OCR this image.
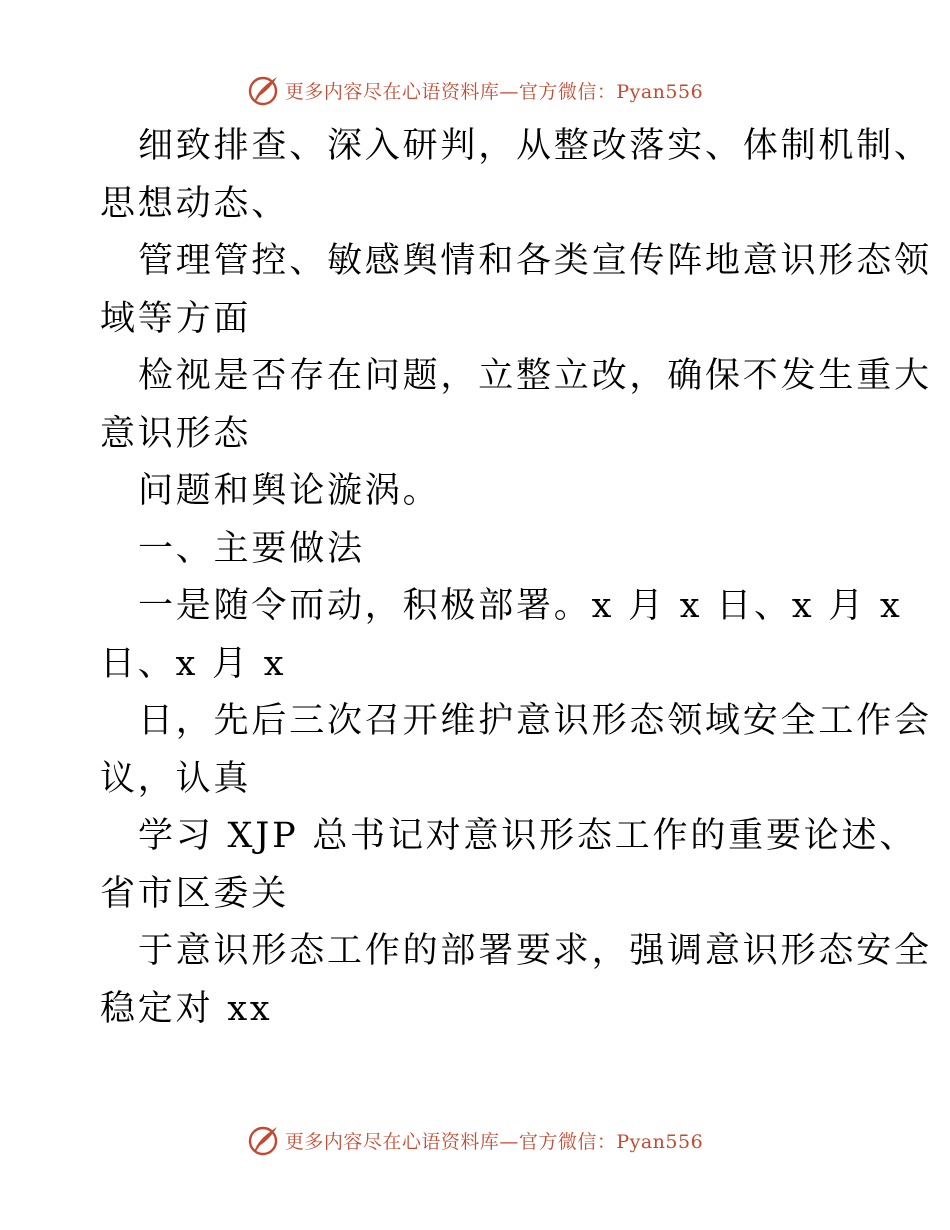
更多内容尽在心语资料库—官方微信：Pyan556
细致排查、深入研判，从整改落实、体制机制、
思想动态、
管理管控、敏感舆情和各类宣传阵地意识形态领
域等方面
检视是否存在问题，立整立改，确保不发生重大
意识形态
问题和舆论漩涡。
一、主要做法
一是随令而动，积极部署。x 月 x 日、x 月 x
日、x 月 x
日，先后三次召开维护意识形态领域安全工作会
议，认真
学习 XJP 总书记对意识形态工作的重要论述、
省市区委关
于意识形态工作的部署要求，强调意识形态安全
稳定对 xx
更多内容尽在心语资料库—官方微信：Pyan556
